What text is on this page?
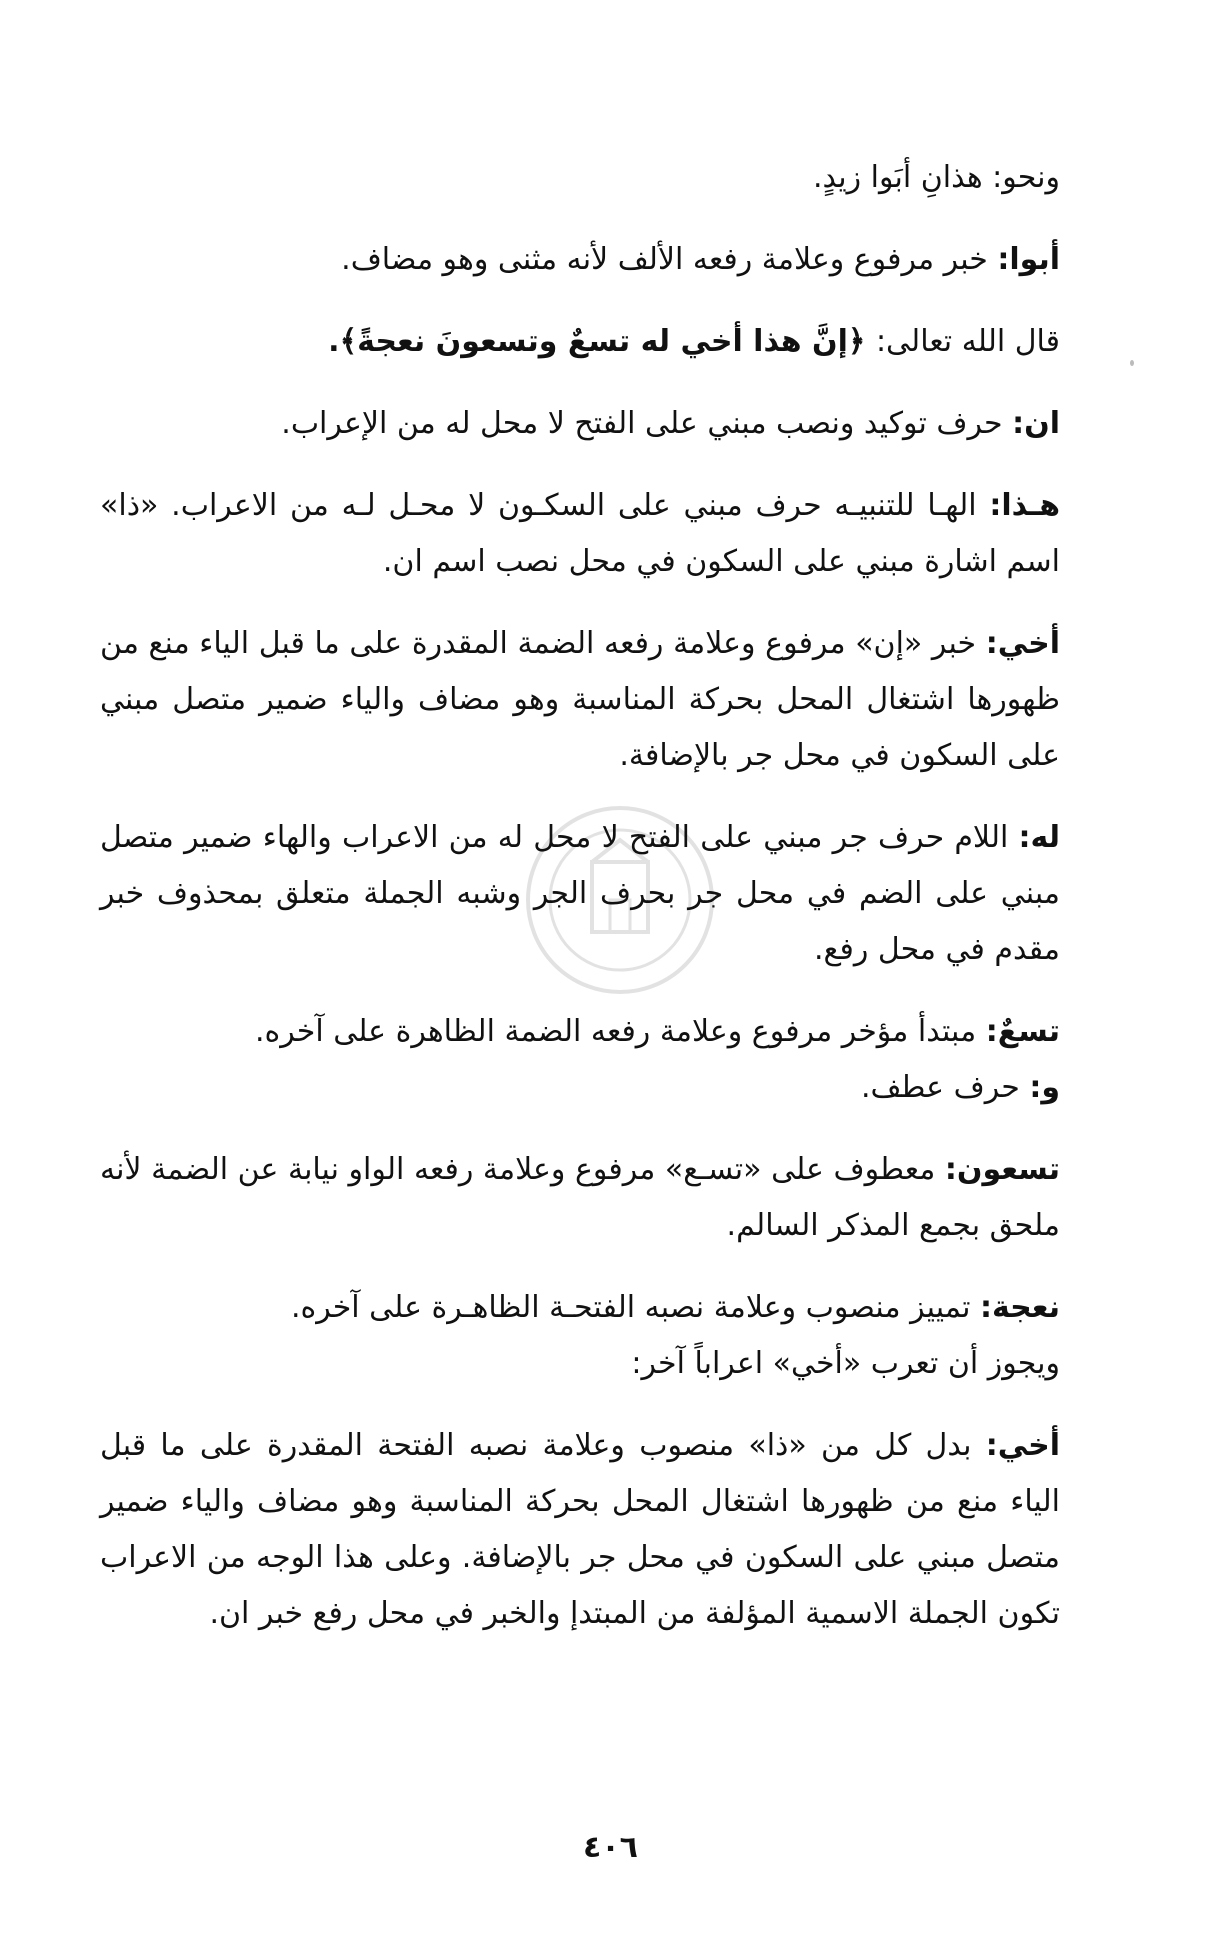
ونحو: هذانِ أبَوا زيدٍ.

أبوا: خبر مرفوع وعلامة رفعه الألف لأنه مثنى وهو مضاف.

قال الله تعالى: ﴿إنَّ هذا أخي له تسعٌ وتسعونَ نعجةً﴾.

ان: حرف توكيد ونصب مبني على الفتح لا محل له من الإعراب.

هـذا: الهـا للتنبيـه حرف مبني على السكـون لا محـل لـه من الاعراب. «ذا» اسم اشارة مبني على السكون في محل نصب اسم ان.

أخي: خبر «إن» مرفوع وعلامة رفعه الضمة المقدرة على ما قبل الياء منع من ظهورها اشتغال المحل بحركة المناسبة وهو مضاف والياء ضمير متصل مبني على السكون في محل جر بالإضافة.

له: اللام حرف جر مبني على الفتح لا محل له من الاعراب والهاء ضمير متصل مبني على الضم في محل جر بحرف الجر وشبه الجملة متعلق بمحذوف خبر مقدم في محل رفع.

تسعٌ: مبتدأ مؤخر مرفوع وعلامة رفعه الضمة الظاهرة على آخره.

و: حرف عطف.

تسعون: معطوف على «تسـع» مرفوع وعلامة رفعه الواو نيابة عن الضمة لأنه ملحق بجمع المذكر السالم.

نعجة: تمييز منصوب وعلامة نصبه الفتحـة الظاهـرة على آخره.

ويجوز أن تعرب «أخي» اعراباً آخر:

أخي: بدل كل من «ذا» منصوب وعلامة نصبه الفتحة المقدرة على ما قبل الياء منع من ظهورها اشتغال المحل بحركة المناسبة وهو مضاف والياء ضمير متصل مبني على السكون في محل جر بالإضافة. وعلى هذا الوجه من الاعراب تكون الجملة الاسمية المؤلفة من المبتدإ والخبر في محل رفع خبر ان.

٤٠٦
